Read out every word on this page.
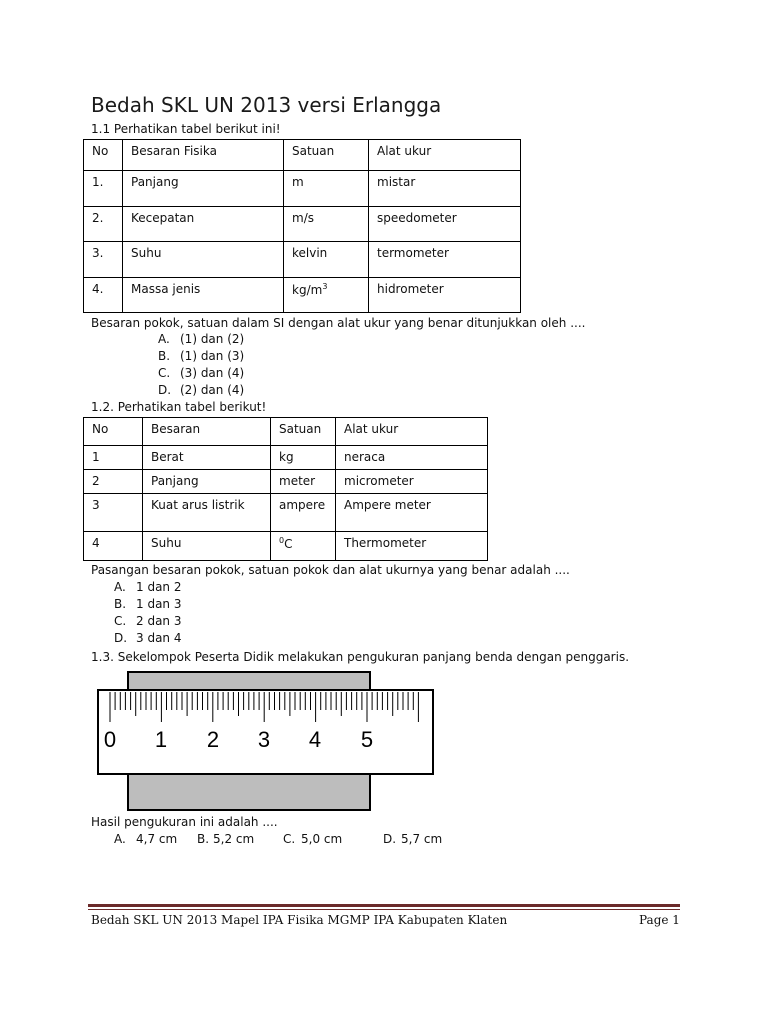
Bedah SKL UN 2013 versi Erlangga
1.1 Perhatikan tabel berikut ini!
No	Besaran Fisika	Satuan	Alat ukur
1.	Panjang	m	mistar
2.	Kecepatan	m/s	speedometer
3.	Suhu	kelvin	termometer
4.	Massa jenis	$kg/m^3$	hidrometer
Besaran pokok, satuan dalam SI dengan alat ukur yang benar ditunjukkan oleh ....
A. (1) dan (2)
B. (1) dan (3)
C. (3) dan (4)
D. (2) dan (4)
1.2. Perhatikan tabel berikut!
No	Besaran	Satuan	Alat ukur
1	Berat	kg	neraca
2	Panjang	meter	micrometer
3	Kuat arus listrik	ampere	Ampere meter
4	Suhu	$^0$C	Thermometer
Pasangan besaran pokok, satuan pokok dan alat ukurnya yang benar adalah ....
A. 1 dan 2
B. 1 dan 3
C. 2 dan 3
D. 3 dan 4
1.3. Sekelompok Peserta Didik melakukan pengukuran panjang benda dengan penggaris.
0 1 2 3 4 5
Hasil pengukuran ini adalah ....
A. 4,7 cm B. 5,2 cm C. 5,0 cm	D. 5,7 cm
Bedah SKL UN 2013 Mapel IPA Fisika MGMP IPA Kabupaten Klaten	Page 1
